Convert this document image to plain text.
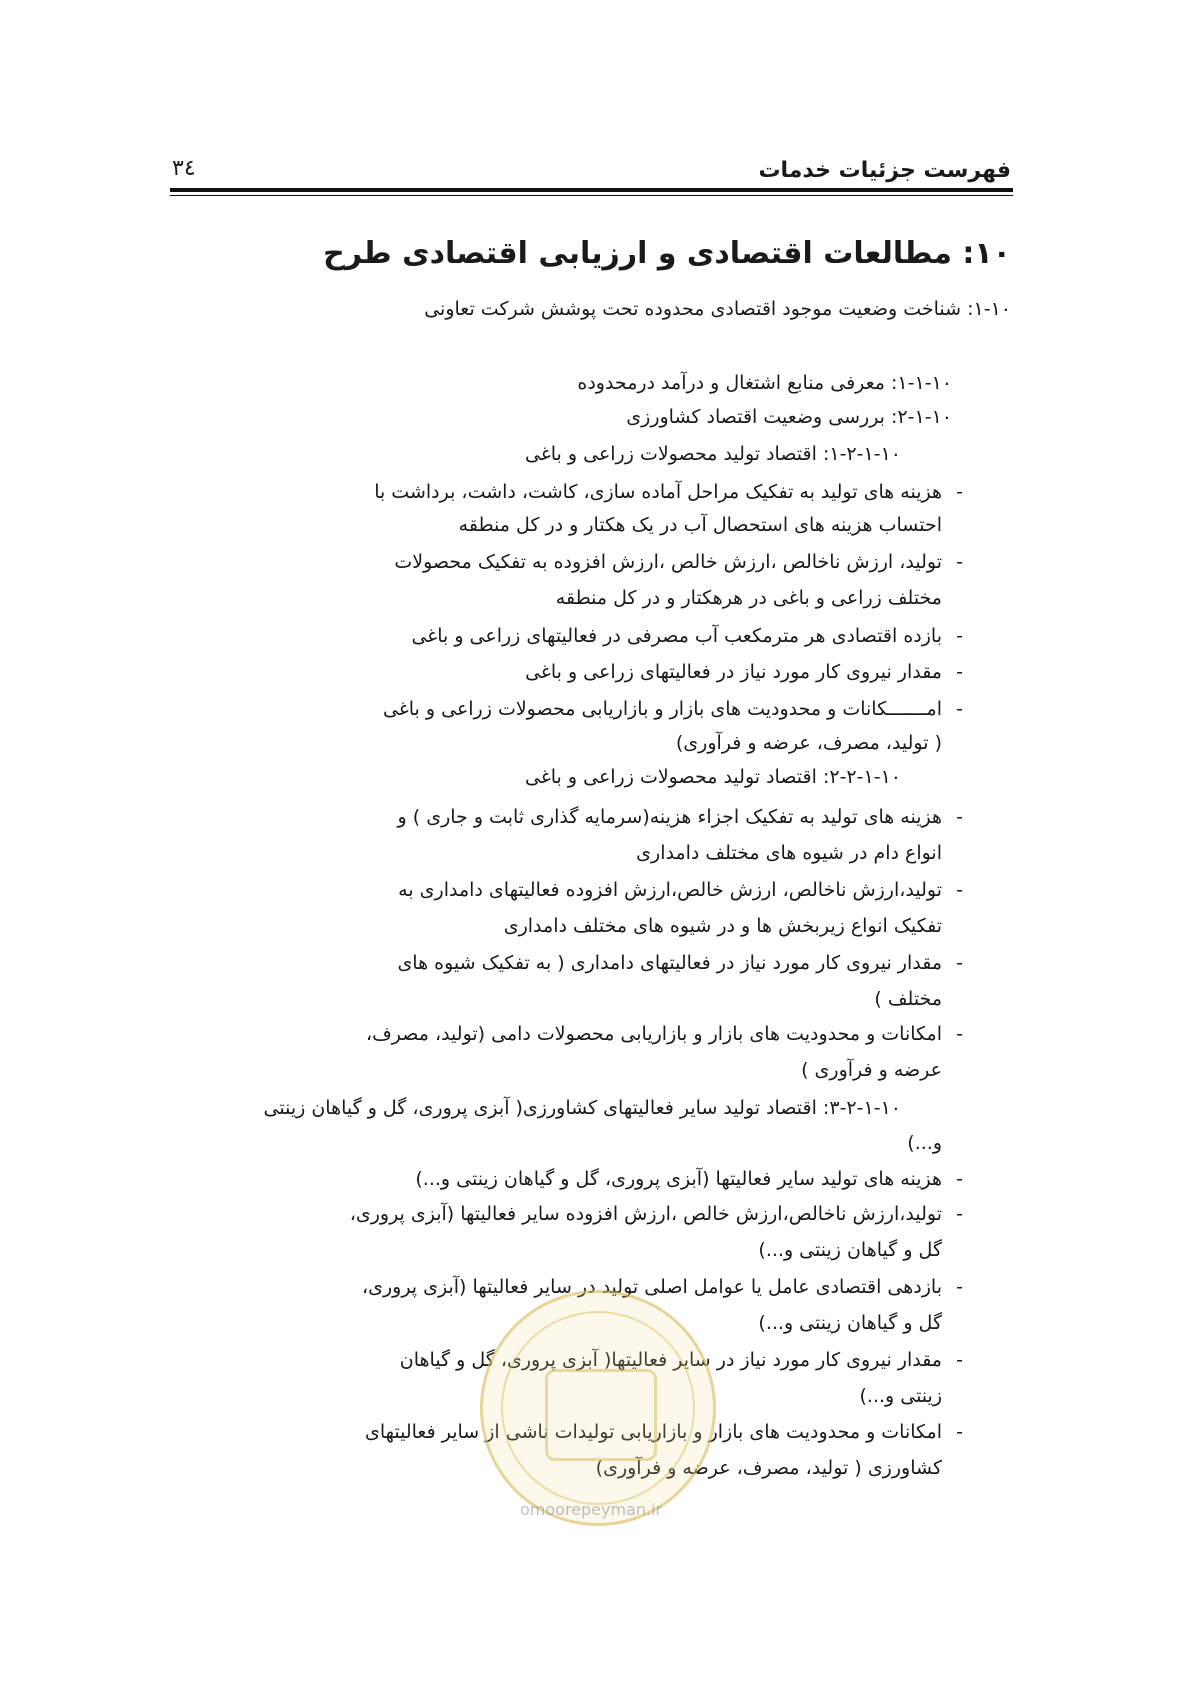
فهرست جزئیات خدمات
٣٤
١٠: مطالعات اقتصادی و ارزیابی اقتصادی طرح
١٠-١: شناخت وضعیت موجود اقتصادی محدوده تحت پوشش شرکت تعاونی
١٠-١-١: معرفی منابع اشتغال و درآمد درمحدوده
١٠-١-٢: بررسی وضعیت اقتصاد کشاورزی
١٠-١-٢-١: اقتصاد تولید محصولات زراعی و باغی
-
هزینه های تولید به تفکیک مراحل آماده سازی، کاشت، داشت، برداشت با
احتساب هزینه های استحصال آب در یک هکتار و در کل منطقه
-
تولید، ارزش ناخالص ،ارزش خالص ،ارزش افزوده به تفکیک محصولات
مختلف زراعی و باغی در هرهکتار و در کل منطقه
-
بازده اقتصادی هر مترمکعب آب مصرفی در فعالیتهای زراعی و باغی
-
مقدار نیروی کار مورد نیاز در فعالیتهای زراعی و باغی
-
امـــــــکانات و محدودیت های بازار و بازاریابی محصولات زراعی و باغی
( تولید، مصرف، عرضه و فرآوری)
١٠-١-٢-٢: اقتصاد تولید محصولات زراعی و باغی
-
هزینه های تولید به تفکیک اجزاء هزینه(سرمایه گذاری ثابت و جاری ) و
انواع دام در شیوه های مختلف دامداری
-
تولید،ارزش ناخالص، ارزش خالص،ارزش افزوده فعالیتهای دامداری به
تفکیک انواع زیربخش ها و در شیوه های مختلف دامداری
-
مقدار نیروی کار مورد نیاز در فعالیتهای دامداری ( به تفکیک شیوه های
مختلف )
-
امکانات و محدودیت های بازار و بازاریابی محصولات دامی (تولید، مصرف،
عرضه و فرآوری )
١٠-١-٢-٣: اقتصاد تولید سایر فعالیتهای کشاورزی( آبزی پروری، گل و گیاهان زینتی
و...)
-
هزینه های تولید سایر فعالیتها (آبزی پروری، گل و گیاهان زینتی و...)
-
تولید،ارزش ناخالص،ارزش خالص ،ارزش افزوده سایر فعالیتها (آبزی پروری،
گل و گیاهان زینتی و...)
-
بازدهی اقتصادی عامل یا عوامل اصلی تولید در سایر فعالیتها (آبزی پروری،
گل و گیاهان زینتی و...)
-
مقدار نیروی کار مورد نیاز در سایر فعالیتها( آبزی پروری، گل و گیاهان
زینتی و...)
-
امکانات و محدودیت های بازار و بازاریابی تولیدات ناشی از سایر فعالیتهای
کشاورزی ( تولید، مصرف، عرضه و فرآوری)
omoorepeyman.ir
